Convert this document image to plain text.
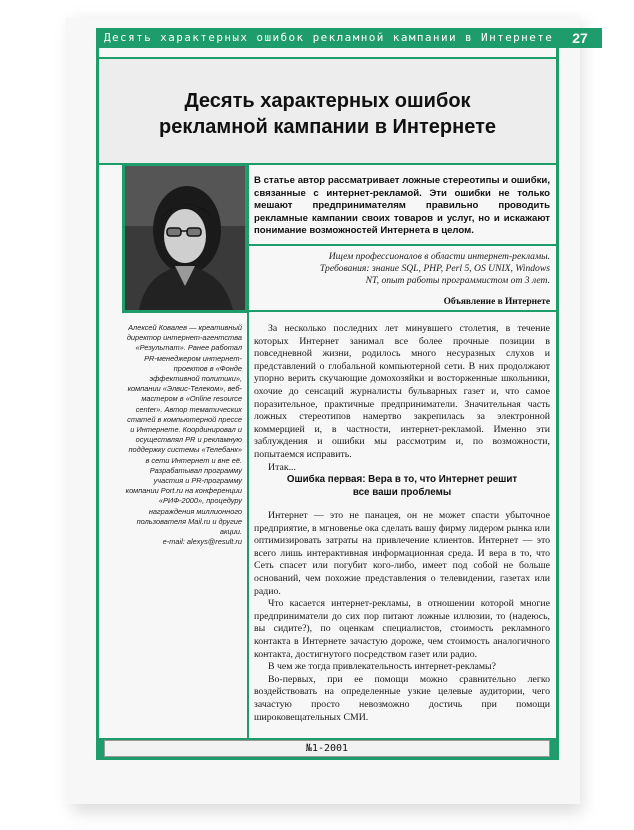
Десять характерных ошибок рекламной кампании в Интернете	27
Десять характерных ошибок
рекламной кампании в Интернете
В статье автор рассматривает ложные стереотипы и ошибки, связанные с интернет-рекламой. Эти ошибки не только мешают предпринимателям правильно проводить рекламные кампании своих товаров и услуг, но и искажают понимание возможностей Интернета в целом.
Ищем профессионалов в области интернет-рекламы. Требования: знание SQL, PHP, Perl 5, OS UNIX, Windows NT, опыт работы программистом от 3 лет.
Объявление в Интернете
Алексей Ковалев — креативный директор интернет-агентства «Результат». Ранее работал PR-менеджером интернет-проектов в «Фонде эффективной политики», компании «Элвис-Телеком», веб-мастером в «Online resource center». Автор тематических статей в компьютерной прессе и Интернете. Координировал и осуществлял PR и рекламную поддержку системы «Телебанк» в сети Интернет и вне её. Разрабатывал программу участия и PR-программу компании Port.ru на конференции «РИФ-2000», процедуру награждения миллионного пользователя Mail.ru и другие акции.
e-mail: alexys@result.ru

За несколько последних лет минувшего столетия, в течение которых Интернет занимал все более прочные позиции в повседневной жизни, родилось много несуразных слухов и представлений о глобальной компьютерной сети. В них продолжают упорно верить скучающие домохозяйки и восторженные школьники, охочие до сенсаций журналисты бульварных газет и, что самое поразительное, практичные предприниматели. Значительная часть ложных стереотипов намертво закрепилась за электронной коммерцией и, в частности, интернет-рекламой. Именно эти заблуждения и ошибки мы рассмотрим и, по возможности, попытаемся исправить.

Итак...

Ошибка первая: Вера в то, что Интернет решит
все ваши проблемы

Интернет — это не панацея, он не может спасти убыточное предприятие, в мгновенье ока сделать вашу фирму лидером рынка или оптимизировать затраты на привлечение клиентов. Интернет — это всего лишь интерактивная информационная среда. И вера в то, что Сеть спасет или погубит кого-либо, имеет под собой не больше оснований, чем похожие представления о телевидении, газетах или радио.

Что касается интернет-рекламы, в отношении которой многие предприниматели до сих пор питают ложные иллюзии, то (надеюсь, вы сидите?), по оценкам специалистов, стоимость рекламного контакта в Интернете зачастую дороже, чем стоимость аналогичного контакта, достигнутого посредством газет или радио.

В чем же тогда привлекательность интернет-рекламы?

Во-первых, при ее помощи можно сравнительно легко воздействовать на определенные узкие целевые аудитории, чего зачастую просто невозможно достичь при помощи широковещательных СМИ.

№1-2001
